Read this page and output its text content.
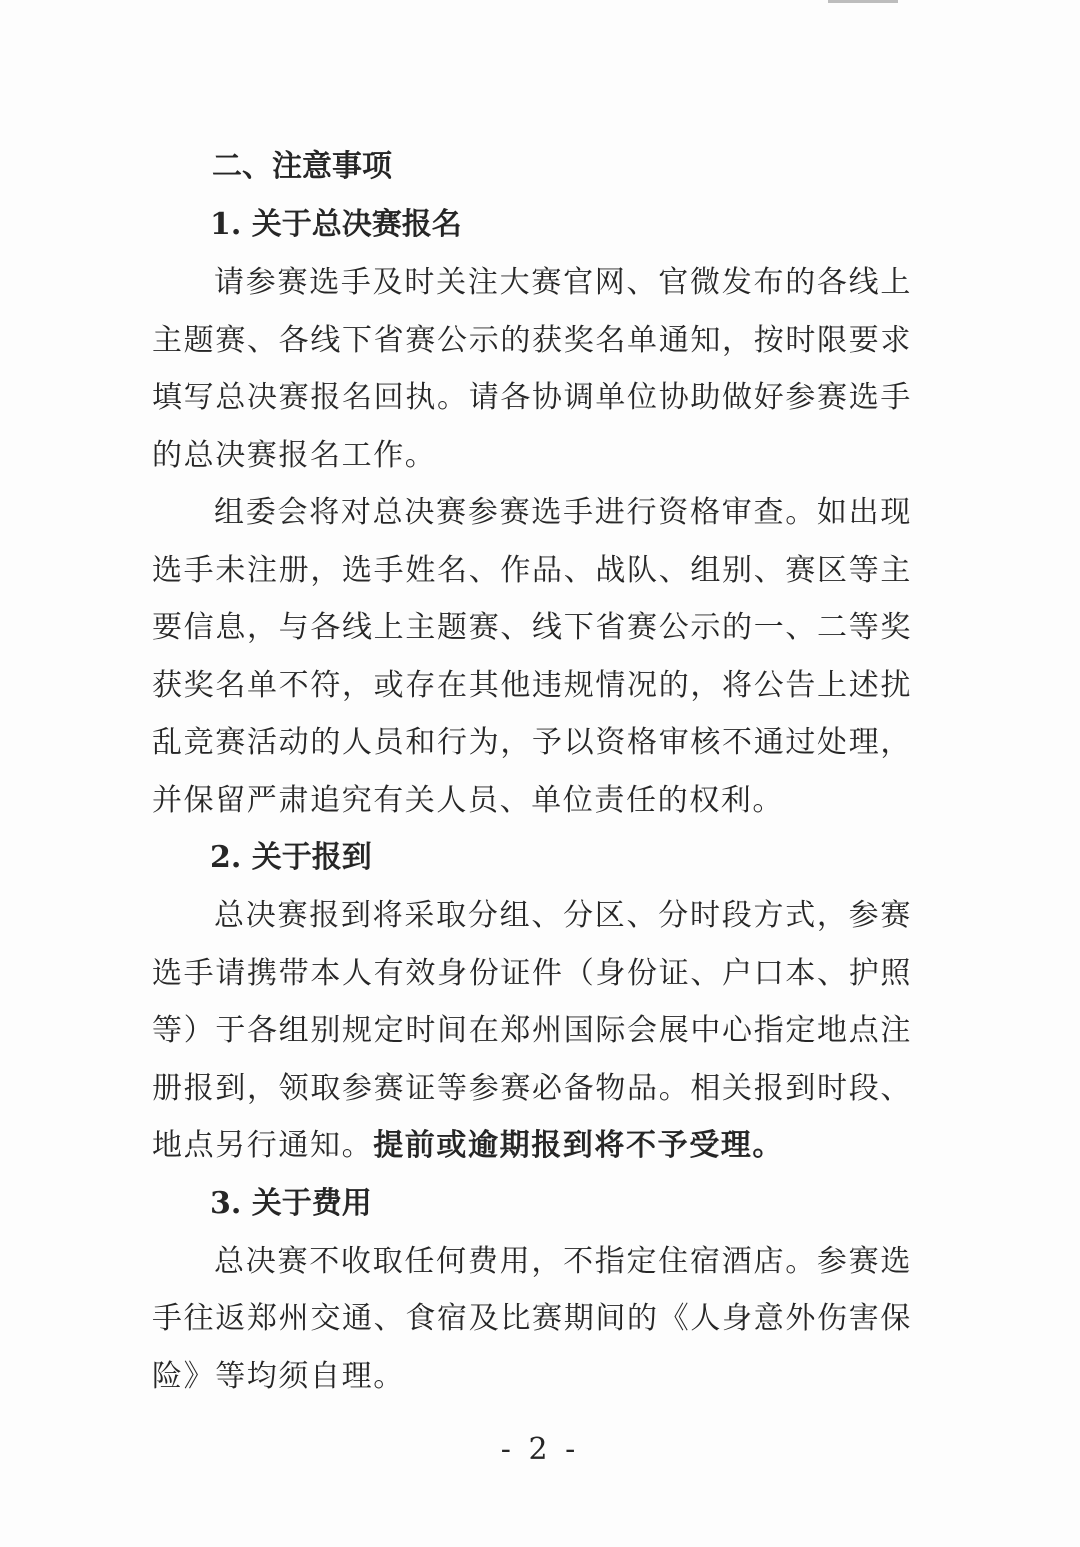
二、注意事项
1. 关于总决赛报名

请参赛选手及时关注大赛官网、官微发布的各线上主题赛、各线下省赛公示的获奖名单通知，按时限要求填写总决赛报名回执。请各协调单位协助做好参赛选手的总决赛报名工作。

组委会将对总决赛参赛选手进行资格审查。如出现选手未注册，选手姓名、作品、战队、组别、赛区等主要信息，与各线上主题赛、线下省赛公示的一、二等奖获奖名单不符，或存在其他违规情况的，将公告上述扰乱竞赛活动的人员和行为，予以资格审核不通过处理，并保留严肃追究有关人员、单位责任的权利。

2. 关于报到

总决赛报到将采取分组、分区、分时段方式，参赛选手请携带本人有效身份证件（身份证、户口本、护照等）于各组别规定时间在郑州国际会展中心指定地点注册报到，领取参赛证等参赛必备物品。相关报到时段、地点另行通知。提前或逾期报到将不予受理。

3. 关于费用

总决赛不收取任何费用，不指定住宿酒店。参赛选手往返郑州交通、食宿及比赛期间的《人身意外伤害保险》等均须自理。

- 2 -
